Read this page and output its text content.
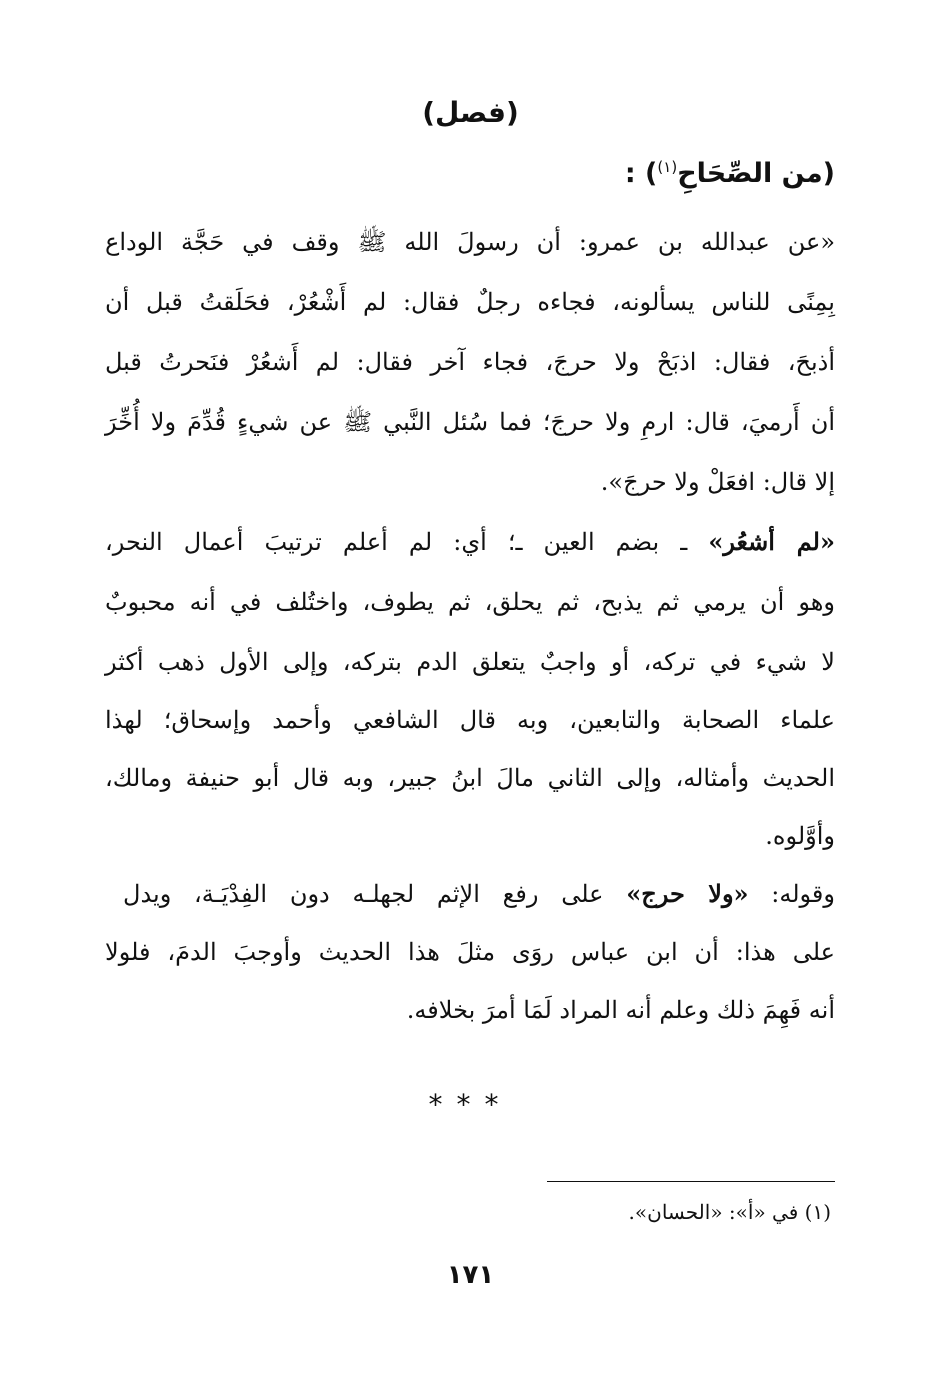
(فصل)
(من الصِّحَاحِ$^{(١)}$) :
«عن عبدالله بن عمرو: أن رسولَ الله ﷺ وقف في حَجَّة الوداع
بِمِنًى للناس يسألونه، فجاءه رجلٌ فقال: لم أَشْعُرْ، فحَلَقتُ قبل أن
أذبحَ، فقال: اذبَحْ ولا حرجَ، فجاء آخر فقال: لم أَشعُرْ فنَحرتُ قبل
أن أَرميَ، قال: ارمِ ولا حرجَ؛ فما سُئل النَّبي ﷺ عن شيءٍ قُدِّمَ ولا أُخِّرَ
إلا قال: افعَلْ ولا حرجَ».
«لم أشعُر» ـ بضم العين ـ؛ أي: لم أعلم ترتيبَ أعمال النحر،
وهو أن يرمي ثم يذبح، ثم يحلق، ثم يطوف، واختُلف في أنه محبوبٌ
لا شيء في تركه، أو واجبٌ يتعلق الدم بتركه، وإلى الأول ذهب أكثر
علماء الصحابة والتابعين، وبه قال الشافعي وأحمد وإسحاق؛ لهذا
الحديث وأمثاله، وإلى الثاني مالَ ابنُ جبير، وبه قال أبو حنيفة ومالك،
وأوَّلوه.
وقوله: «ولا حرج» على رفع الإثم لجهلـه دون الفِدْيَـة، ويدل
على هذا: أن ابن عباس روَى مثلَ هذا الحديث وأوجبَ الدمَ، فلولا
أنه فَهِمَ ذلك وعلم أنه المراد لَمَا أمرَ بخلافه.
***
(١) في «أ»: «الحسان».
١٧١
